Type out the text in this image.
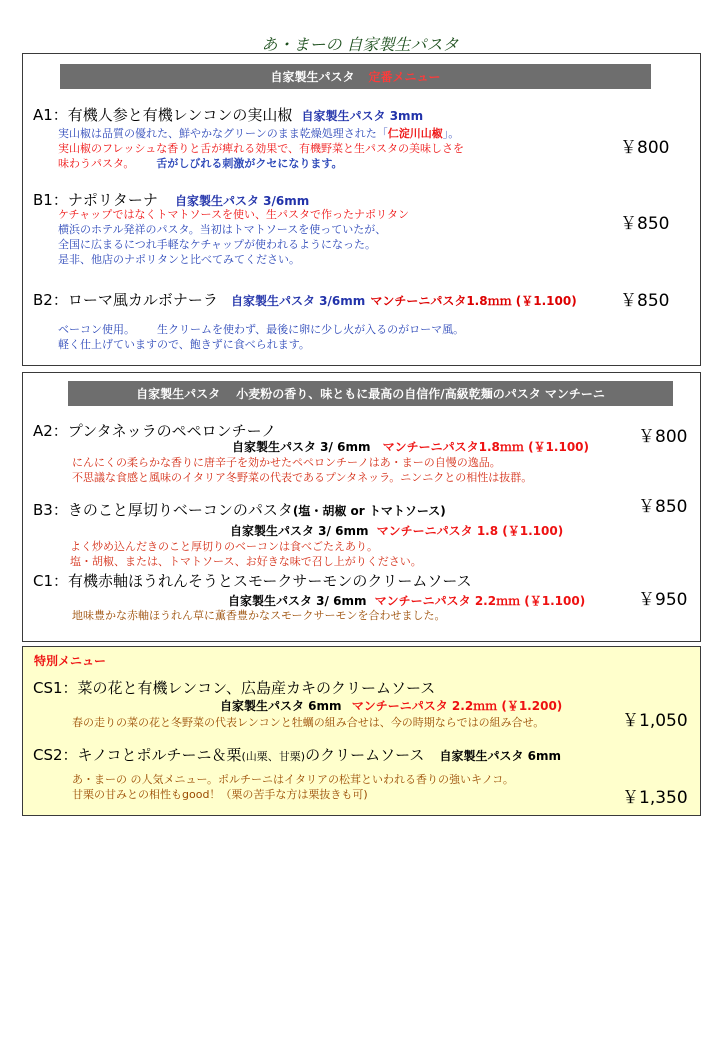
あ・まーの 自家製生パスタ
自家製生パスタ 定番メニュー
A1：有機人参と有機レンコンの実山椒 自家製生パスタ 3mm
実山椒は品質の優れた、鮮やかなグリーンのまま乾燥処理された「仁淀川山椒」。
実山椒のフレッシュな香りと舌が痺れる効果で、有機野菜と生パスタの美味しさを
味わうパスタ。 舌がしびれる刺激がクセになります。
￥800
B1：ナポリターナ 自家製生パスタ 3/6mm
ケチャップではなくトマトソースを使い、生パスタで作ったナポリタン
横浜のホテル発祥のパスタ。当初はトマトソースを使っていたが、
全国に広まるにつれ手軽なケチャップが使われるようになった。
是非、他店のナポリタンと比べてみてください。
￥850
B2：ローマ風カルボナーラ 自家製生パスタ 3/6mm マンチーニパスタ1.8ｍｍ (￥1.100)	￥850
ベーコン使用。 生クリームを使わず、最後に卵に少し火が入るのがローマ風。
軽く仕上げていますので、飽きずに食べられます。
自家製生パスタ　 小麦粉の香り、味ともに最高の自信作/高級乾麺のパスタ マンチーニ
A2：プンタネッラのペペロンチーノ	￥800
自家製生パスタ 3/ 6mm マンチーニパスタ1.8ｍｍ (￥1.100)
にんにくの柔らかな香りに唐辛子を効かせたペペロンチーノはあ・まーの自慢の逸品。
不思議な食感と風味のイタリア冬野菜の代表であるプンタネッラ。ニンニクとの相性は抜群。
B3：きのこと厚切りベーコンのパスタ(塩・胡椒 or トマトソース)	￥850
自家製生パスタ 3/ 6mm マンチーニパスタ 1.8 (￥1.100)
よく炒め込んだきのこと厚切りのベーコンは食べごたえあり。
塩・胡椒、または、トマトソース、お好きな味で召し上がりください。
C1：有機赤軸ほうれんそうとスモークサーモンのクリームソース
￥950
自家製生パスタ 3/ 6mm マンチーニパスタ 2.2ｍｍ (￥1.100)
地味豊かな赤軸ほうれん草に薫香豊かなスモークサーモンを合わせました。
特別メニュー
CS1：菜の花と有機レンコン、広島産カキのクリームソース
自家製生パスタ 6mm マンチーニパスタ 2.2ｍｍ (￥1.200)
春の走りの菜の花と冬野菜の代表レンコンと牡蠣の組み合せは、今の時期ならではの組み合せ。	￥1,050
CS2：キノコとポルチーニ＆栗(山栗、甘栗)のクリームソース 自家製生パスタ 6mm
あ・まーの の人気メニュー。ポルチーニはイタリアの松茸といわれる香りの強いキノコ。
甘栗の甘みとの相性もgood！（栗の苦手な方は栗抜きも可)	￥1,350
